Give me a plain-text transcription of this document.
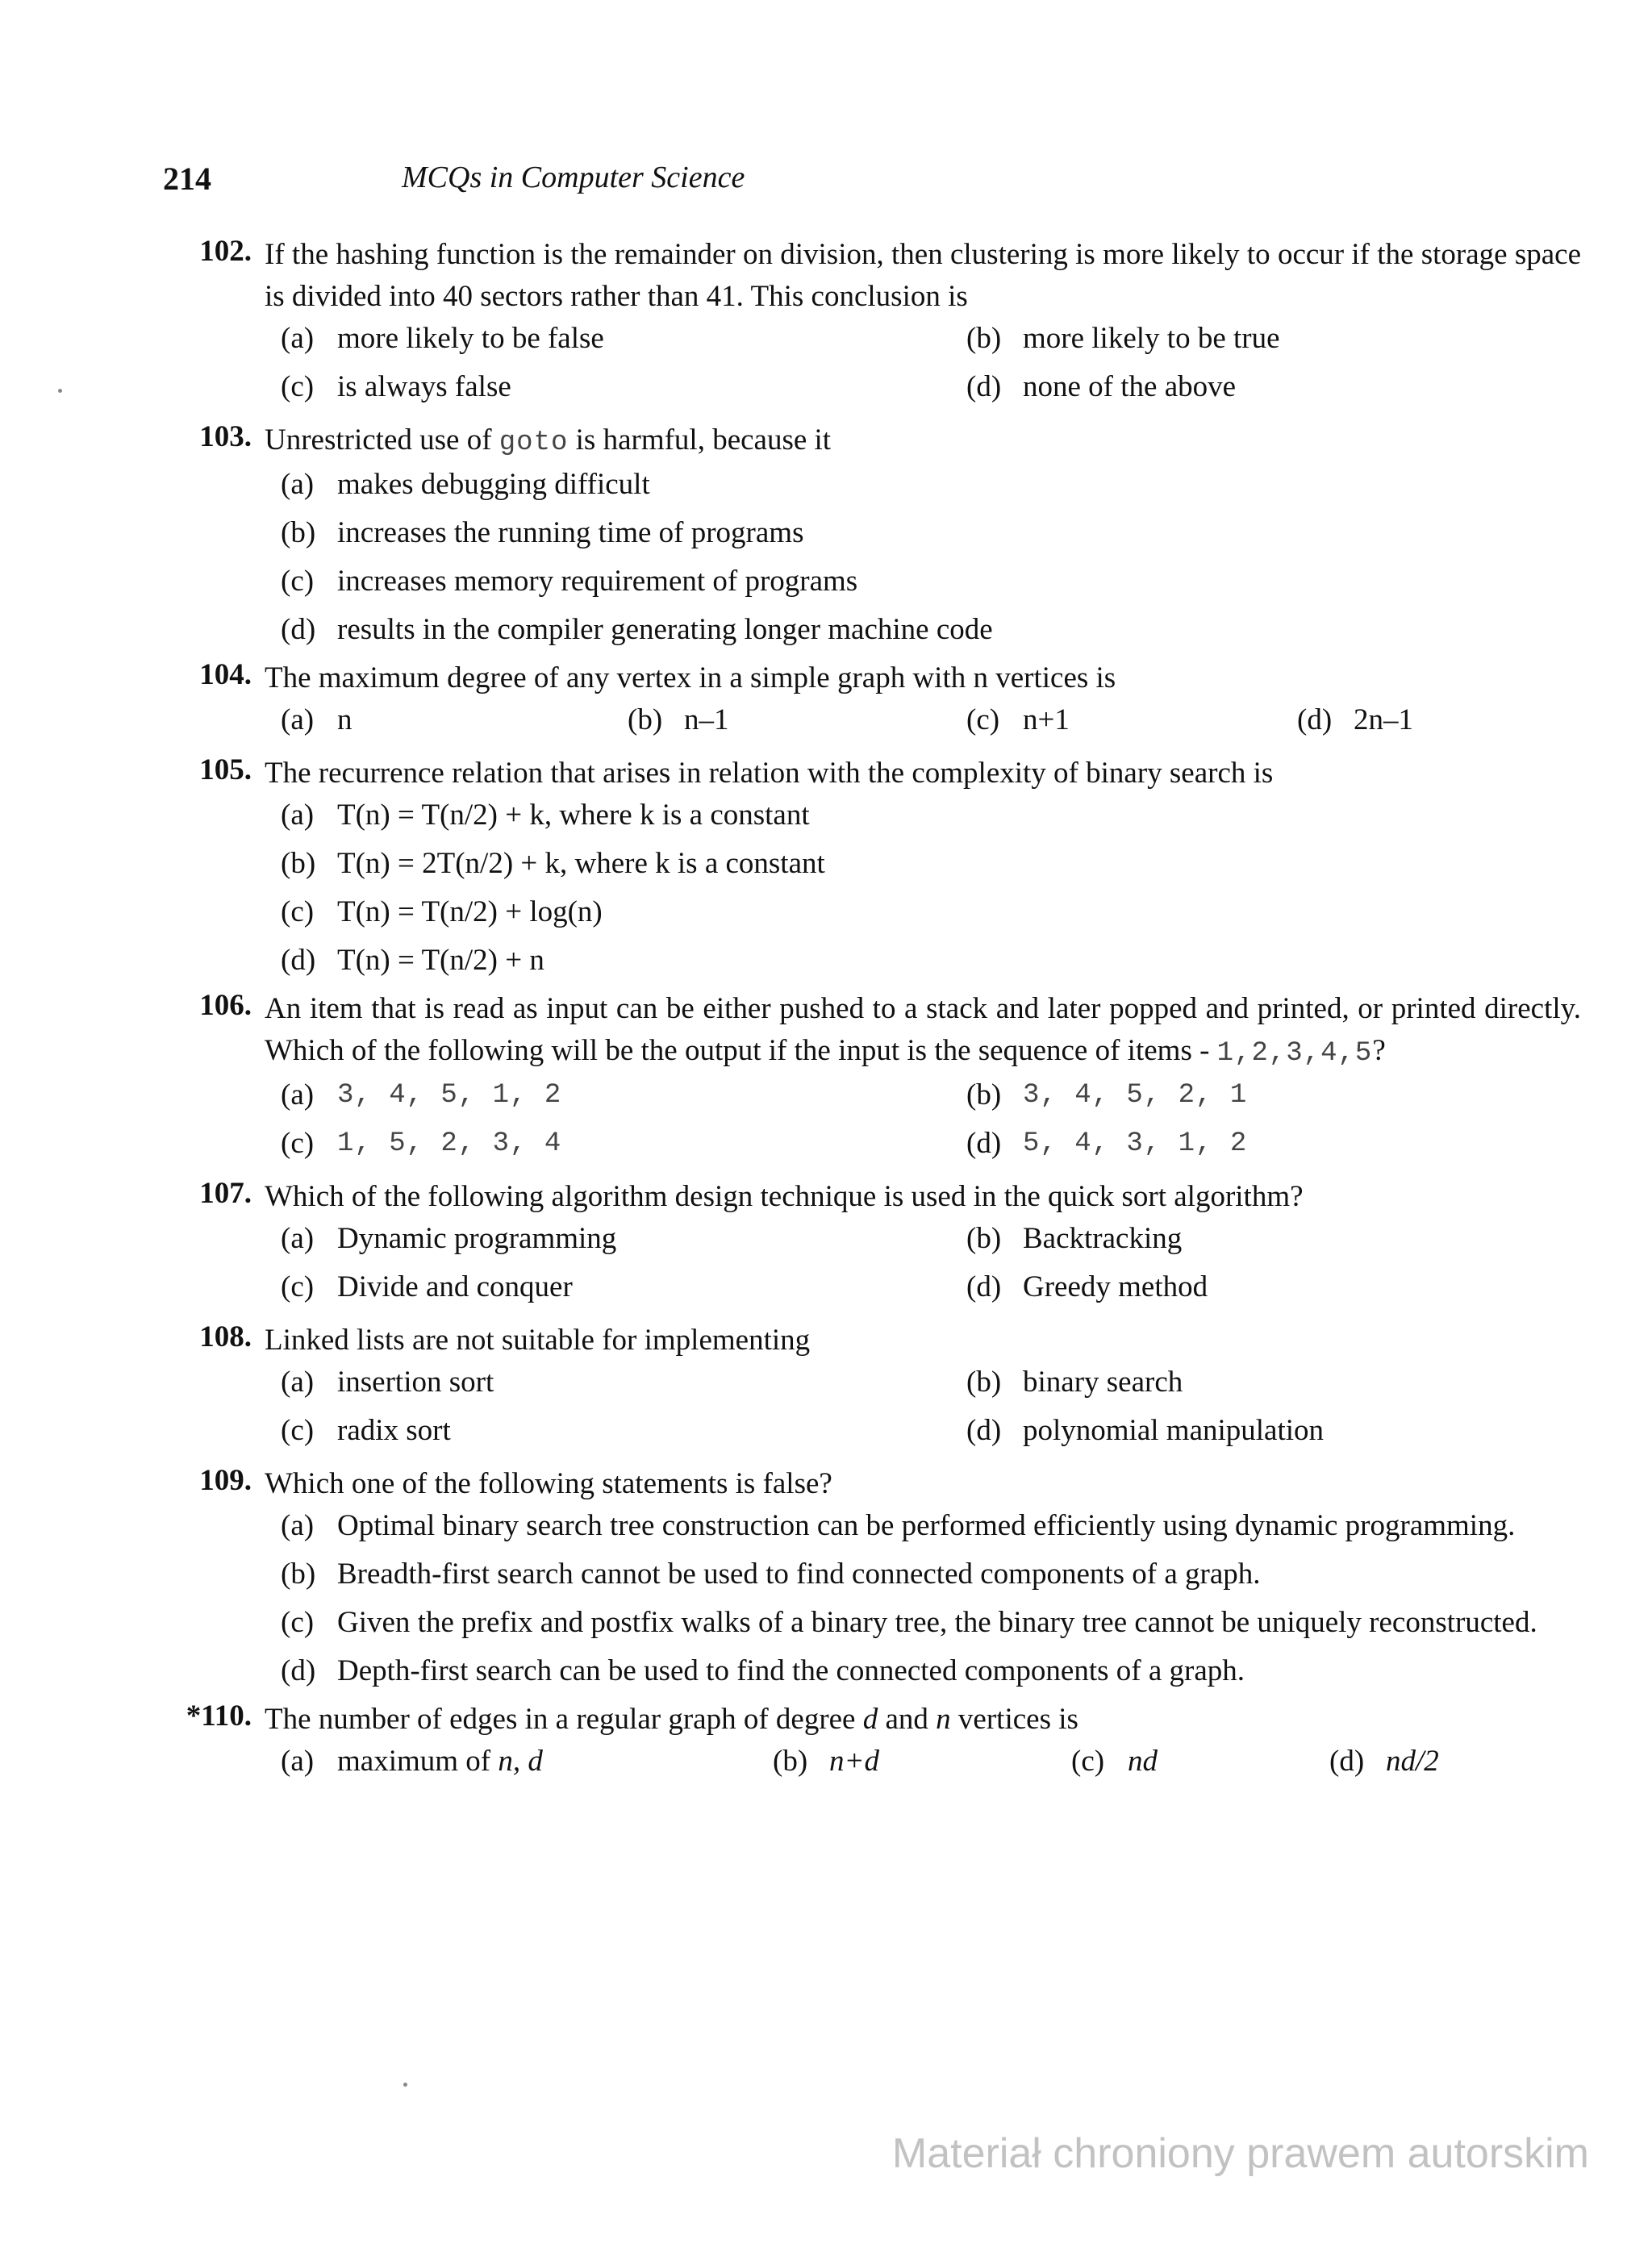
214	MCQs in Computer Science
102. If the hashing function is the remainder on division, then clustering is more likely to occur if the storage space is divided into 40 sectors rather than 41. This conclusion is
(a) more likely to be false	(b) more likely to be true
(c) is always false	(d) none of the above
103. Unrestricted use of goto is harmful, because it
(a) makes debugging difficult
(b) increases the running time of programs
(c) increases memory requirement of programs
(d) results in the compiler generating longer machine code
104. The maximum degree of any vertex in a simple graph with n vertices is
(a) n	(b) n–1	(c) n+1	(d) 2n–1
105. The recurrence relation that arises in relation with the complexity of binary search is
(a) T(n) = T(n/2) + k, where k is a constant
(b) T(n) = 2T(n/2) + k, where k is a constant
(c) T(n) = T(n/2) + log(n)
(d) T(n) = T(n/2) + n
106. An item that is read as input can be either pushed to a stack and later popped and printed, or printed directly. Which of the following will be the output if the input is the sequence of items - 1,2,3,4,5?
(a) 3, 4, 5, 1, 2	(b) 3, 4, 5, 2, 1
(c) 1, 5, 2, 3, 4	(d) 5, 4, 3, 1, 2
107. Which of the following algorithm design technique is used in the quick sort algorithm?
(a) Dynamic programming	(b) Backtracking
(c) Divide and conquer	(d) Greedy method
108. Linked lists are not suitable for implementing
(a) insertion sort	(b) binary search
(c) radix sort	(d) polynomial manipulation
109. Which one of the following statements is false?
(a) Optimal binary search tree construction can be performed efficiently using dynamic programming.
(b) Breadth-first search cannot be used to find connected components of a graph.
(c) Given the prefix and postfix walks of a binary tree, the binary tree cannot be uniquely reconstructed.
(d) Depth-first search can be used to find the connected components of a graph.
*110. The number of edges in a regular graph of degree d and n vertices is
(a) maximum of n, d	(b) n+d	(c) nd	(d) nd/2
Materiał chroniony prawem autorskim
